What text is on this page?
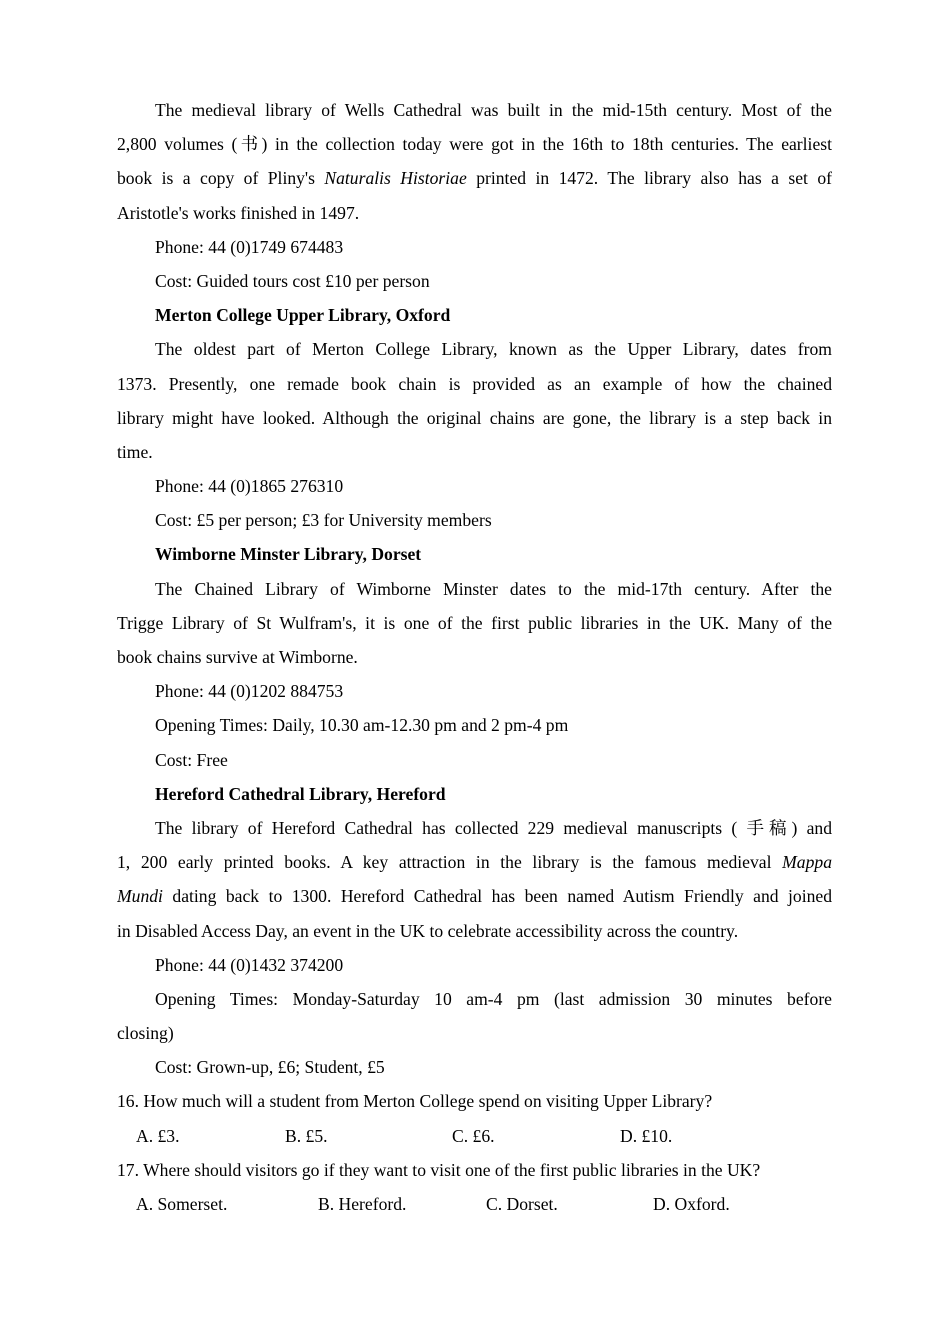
The medieval library of Wells Cathedral was built in the mid-15th century. Most of the
2,800 volumes (书) in the collection today were got in the 16th to 18th centuries. The earliest
book is a copy of Pliny's Naturalis Historiae printed in 1472. The library also has a set of
Aristotle's works finished in 1497.
Phone: 44 (0)1749 674483
Cost: Guided tours cost £10 per person
Merton College Upper Library, Oxford
The oldest part of Merton College Library, known as the Upper Library, dates from
1373. Presently, one remade book chain is provided as an example of how the chained
library might have looked. Although the original chains are gone, the library is a step back in
time.
Phone: 44 (0)1865 276310
Cost: £5 per person; £3 for University members
Wimborne Minster Library, Dorset
The Chained Library of Wimborne Minster dates to the mid-17th century. After the
Trigge Library of St Wulfram's, it is one of the first public libraries in the UK. Many of the
book chains survive at Wimborne.
Phone: 44 (0)1202 884753
Opening Times: Daily, 10.30 am-12.30 pm and 2 pm-4 pm
Cost: Free
Hereford Cathedral Library, Hereford
The library of Hereford Cathedral has collected 229 medieval manuscripts ( 手稿) and
1, 200 early printed books. A key attraction in the library is the famous medieval Mappa
Mundi dating back to 1300. Hereford Cathedral has been named Autism Friendly and joined
in Disabled Access Day, an event in the UK to celebrate accessibility across the country.
Phone: 44 (0)1432 374200
Opening Times: Monday-Saturday 10 am-4 pm (last admission 30 minutes before
closing)
Cost: Grown-up, £6; Student, £5
16. How much will a student from Merton College spend on visiting Upper Library?
A. £3.	B. £5.	C. £6.	D. £10.
17. Where should visitors go if they want to visit one of the first public libraries in the UK?
A. Somerset.	B. Hereford.	C. Dorset.	D. Oxford.
